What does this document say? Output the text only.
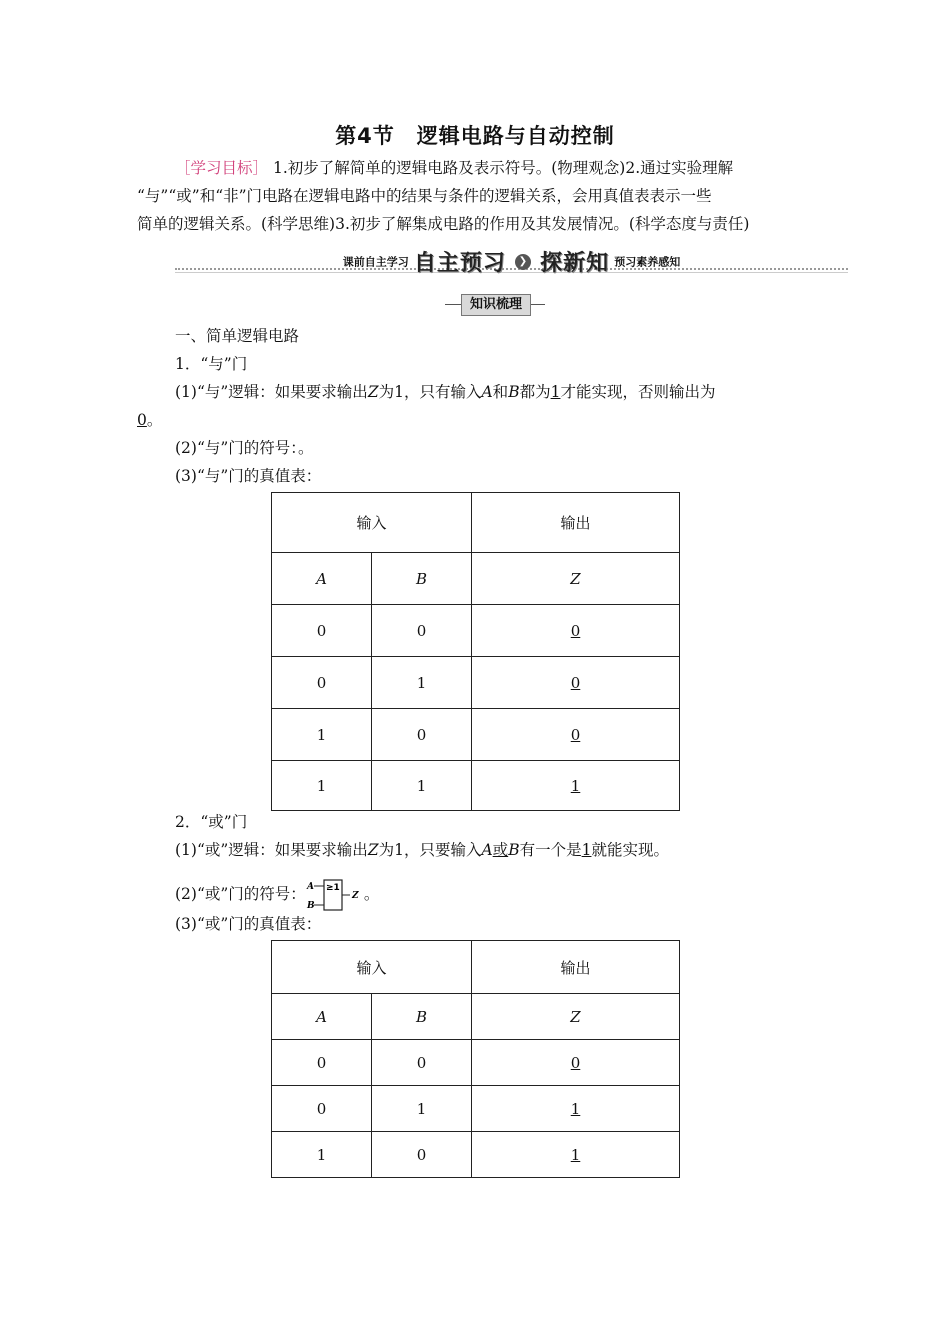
第4节　逻辑电路与自动控制
［学习目标］ 1.初步了解简单的逻辑电路及表示符号。(物理观念)2.通过实验理解
“与”“或”和“非”门电路在逻辑电路中的结果与条件的逻辑关系，会用真值表表示一些
简单的逻辑关系。(科学思维)3.初步了解集成电路的作用及其发展情况。(科学态度与责任)
课前自主学习 自主预习 ❯ 探新知 预习素养感知
知识梳理
一、简单逻辑电路
1．“与”门
(1)“与”逻辑：如果要求输出Z为1，只有输入A和B都为1才能实现，否则输出为
0。
(2)“与”门的符号：。
(3)“与”门的真值表：
输入		输出
A	B	Z
0	0	0
0	1	0
1	0	0
1	1	1
2．“或”门
(1)“或”逻辑：如果要求输出Z为1，只要输入A或B有一个是1就能实现。
(2)“或”门的符号： A
B
≥1
Z 。
(3)“或”门的真值表：
输入		输出
A	B	Z
0	0	0
0	1	1
1	0	1
